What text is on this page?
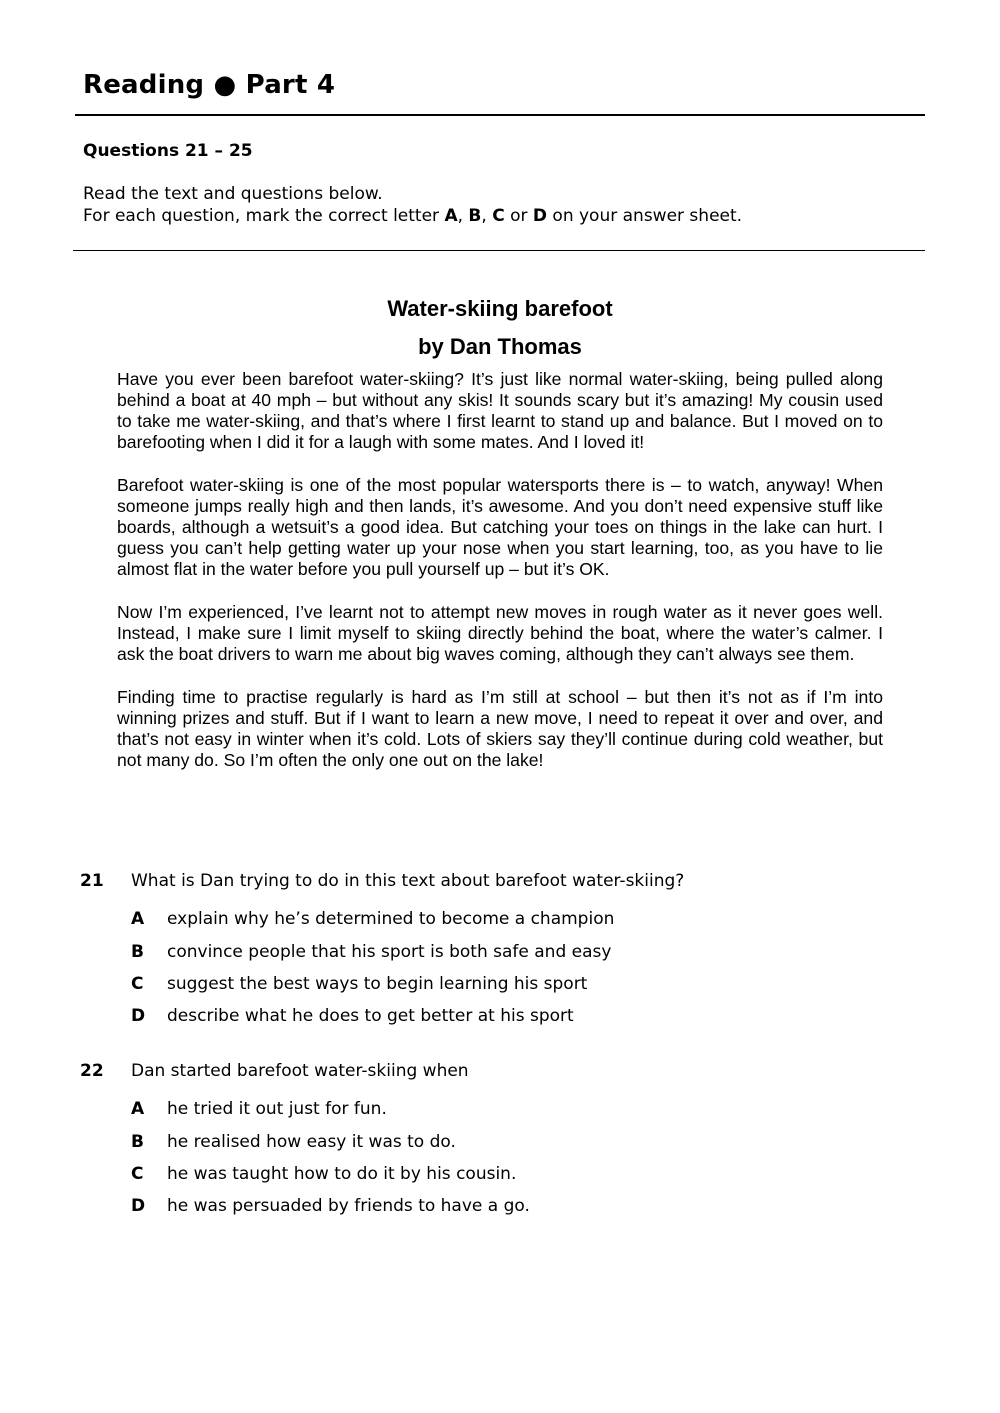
Reading ● Part 4
Questions 21 – 25
Read the text and questions below.
For each question, mark the correct letter A, B, C or D on your answer sheet.
Water-skiing barefoot
by Dan Thomas

Have you ever been barefoot water-skiing? It’s just like normal water-skiing, being pulled along behind a boat at 40 mph – but without any skis! It sounds scary but it’s amazing! My cousin used to take me water-skiing, and that’s where I first learnt to stand up and balance. But I moved on to barefooting when I did it for a laugh with some mates. And I loved it!

Barefoot water-skiing is one of the most popular watersports there is – to watch, anyway! When someone jumps really high and then lands, it’s awesome. And you don’t need expensive stuff like boards, although a wetsuit’s a good idea. But catching your toes on things in the lake can hurt. I guess you can’t help getting water up your nose when you start learning, too, as you have to lie almost flat in the water before you pull yourself up – but it’s OK.

Now I’m experienced, I’ve learnt not to attempt new moves in rough water as it never goes well. Instead, I make sure I limit myself to skiing directly behind the boat, where the water’s calmer. I ask the boat drivers to warn me about big waves coming, although they can’t always see them.

Finding time to practise regularly is hard as I’m still at school – but then it’s not as if I’m into winning prizes and stuff. But if I want to learn a new move, I need to repeat it over and over, and that’s not easy in winter when it’s cold. Lots of skiers say they’ll continue during cold weather, but not many do. So I’m often the only one out on the lake!

21 What is Dan trying to do in this text about barefoot water-skiing?
A explain why he’s determined to become a champion
B convince people that his sport is both safe and easy
C suggest the best ways to begin learning his sport
D describe what he does to get better at his sport
22 Dan started barefoot water-skiing when
A he tried it out just for fun.
B he realised how easy it was to do.
C he was taught how to do it by his cousin.
D he was persuaded by friends to have a go.
